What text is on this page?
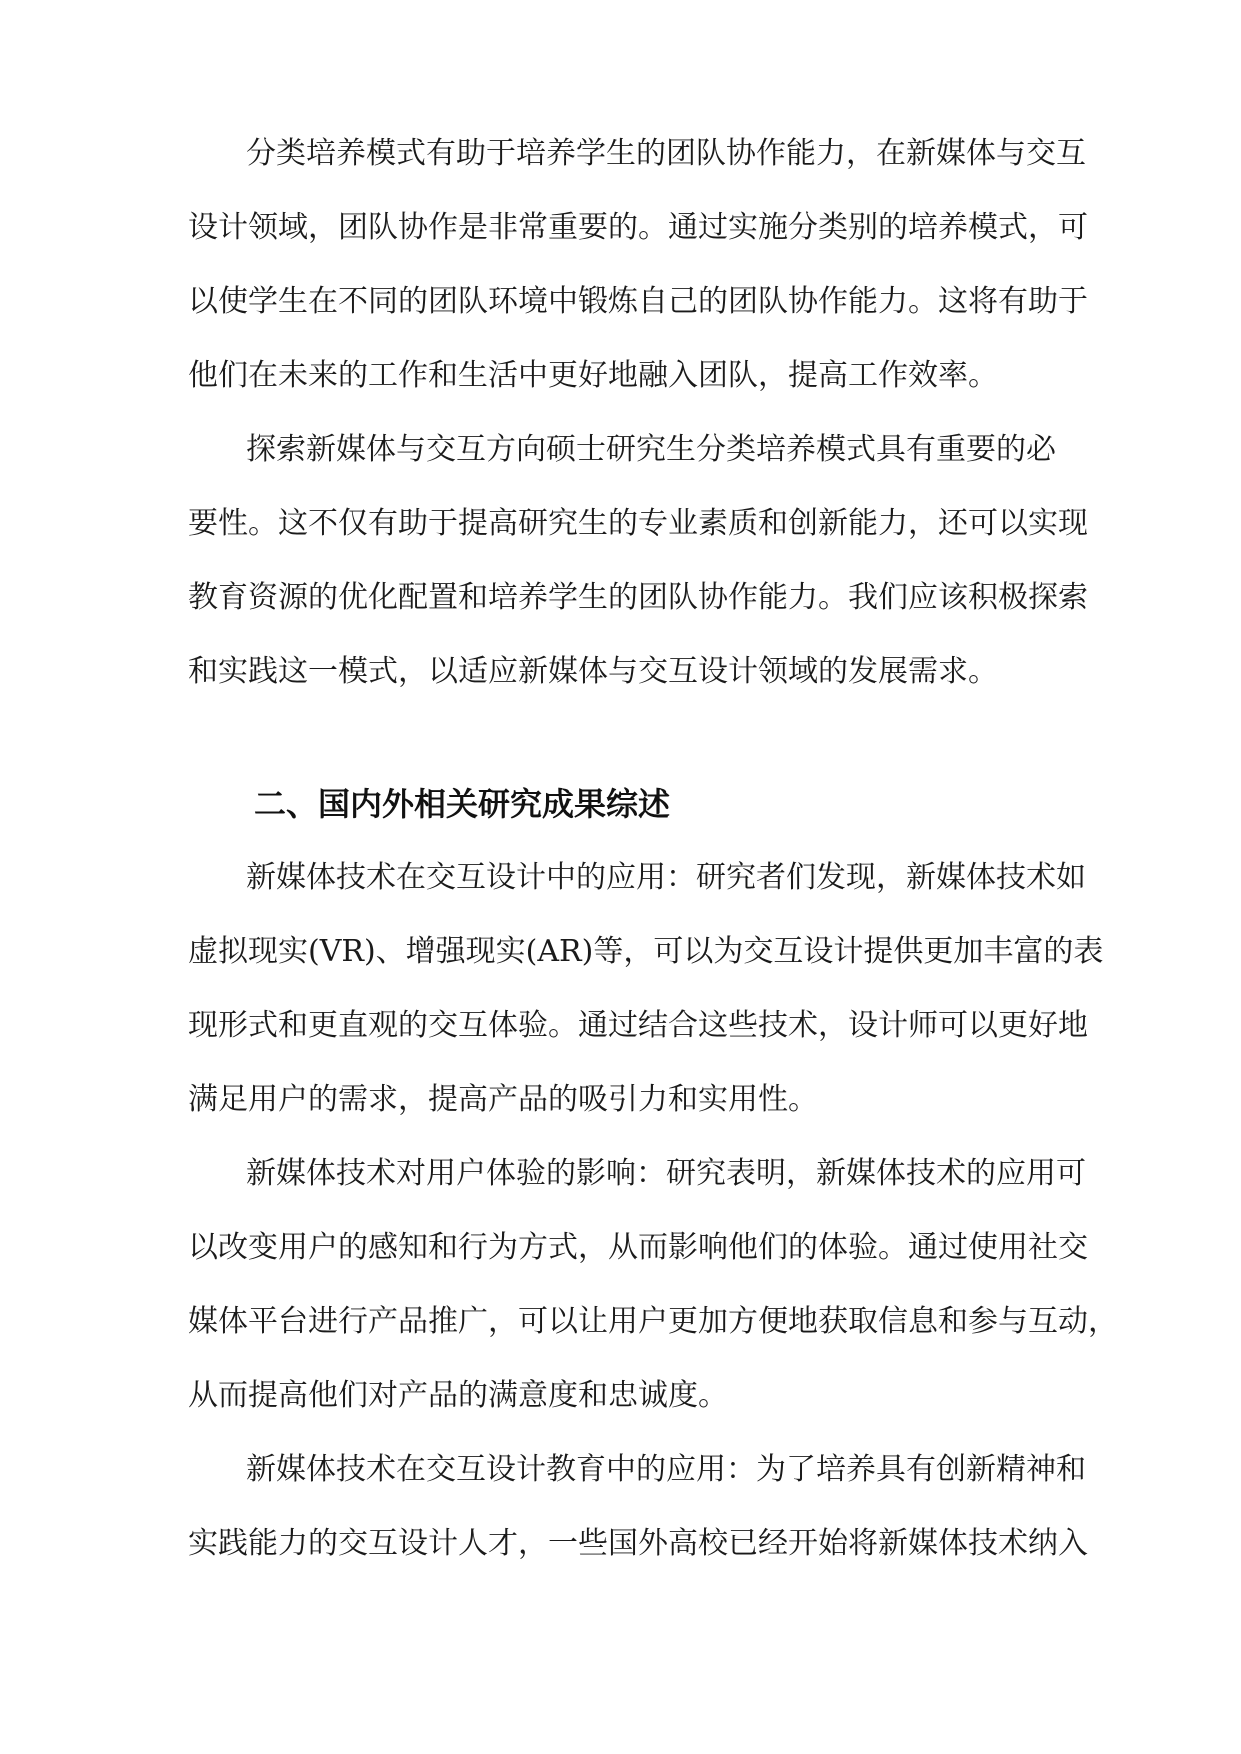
分类培养模式有助于培养学生的团队协作能力，在新媒体与交互

设计领域，团队协作是非常重要的。通过实施分类别的培养模式，可

以使学生在不同的团队环境中锻炼自己的团队协作能力。这将有助于

他们在未来的工作和生活中更好地融入团队，提高工作效率。

探索新媒体与交互方向硕士研究生分类培养模式具有重要的必

要性。这不仅有助于提高研究生的专业素质和创新能力，还可以实现

教育资源的优化配置和培养学生的团队协作能力。我们应该积极探索

和实践这一模式，以适应新媒体与交互设计领域的发展需求。

二、国内外相关研究成果综述

新媒体技术在交互设计中的应用：研究者们发现，新媒体技术如

虚拟现实(VR)、增强现实(AR)等，可以为交互设计提供更加丰富的表

现形式和更直观的交互体验。通过结合这些技术，设计师可以更好地

满足用户的需求，提高产品的吸引力和实用性。

新媒体技术对用户体验的影响：研究表明，新媒体技术的应用可

以改变用户的感知和行为方式，从而影响他们的体验。通过使用社交

媒体平台进行产品推广，可以让用户更加方便地获取信息和参与互动，

从而提高他们对产品的满意度和忠诚度。

新媒体技术在交互设计教育中的应用：为了培养具有创新精神和

实践能力的交互设计人才，一些国外高校已经开始将新媒体技术纳入
